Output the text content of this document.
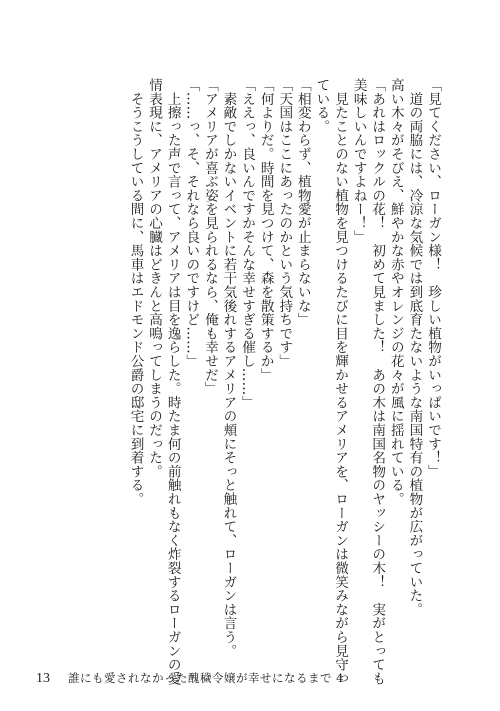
「見てください、ローガン様！　珍しい植物がいっぱいです！」
　道の両脇には、冷涼な気候では到底育たないような南国特有の植物が広がっていた。
高い木々がそびえ、鮮やかな赤やオレンジの花々が風に揺れている。
「あれはロックルの花！　初めて見ました！　あの木は南国名物のヤッシーの木！　実がとっても
美味しいんですよねー！」
　見たことのない植物を見つけるたびに目を輝かせるアメリアを、ローガンは微笑みながら見守っ
ている。
「相変わらず、植物愛が止まらないな」
「天国はここにあったのかという気持ちです」
「何よりだ。時間を見つけて、森を散策するか」
「ええっ、良いんですかそんな幸せすぎる催し……」
　素敵でしかないイベントに若干気後れするアメリアの頬にそっと触れて、ローガンは言う。
「アメリアが喜ぶ姿を見られるなら、俺も幸せだ」
「……っ、そ、それなら良いのですけど……」
　上擦った声で言って、アメリアは目を逸らした。時たま何の前触れもなく炸裂するローガンの愛
情表現に、アメリアの心臓はどきんと高鳴ってしまうのだった。
　そうこうしている間に、馬車はエドモンド公爵の邸宅に到着する。
13 誰にも愛されなかった醜穢令嬢が幸せになるまで 4
